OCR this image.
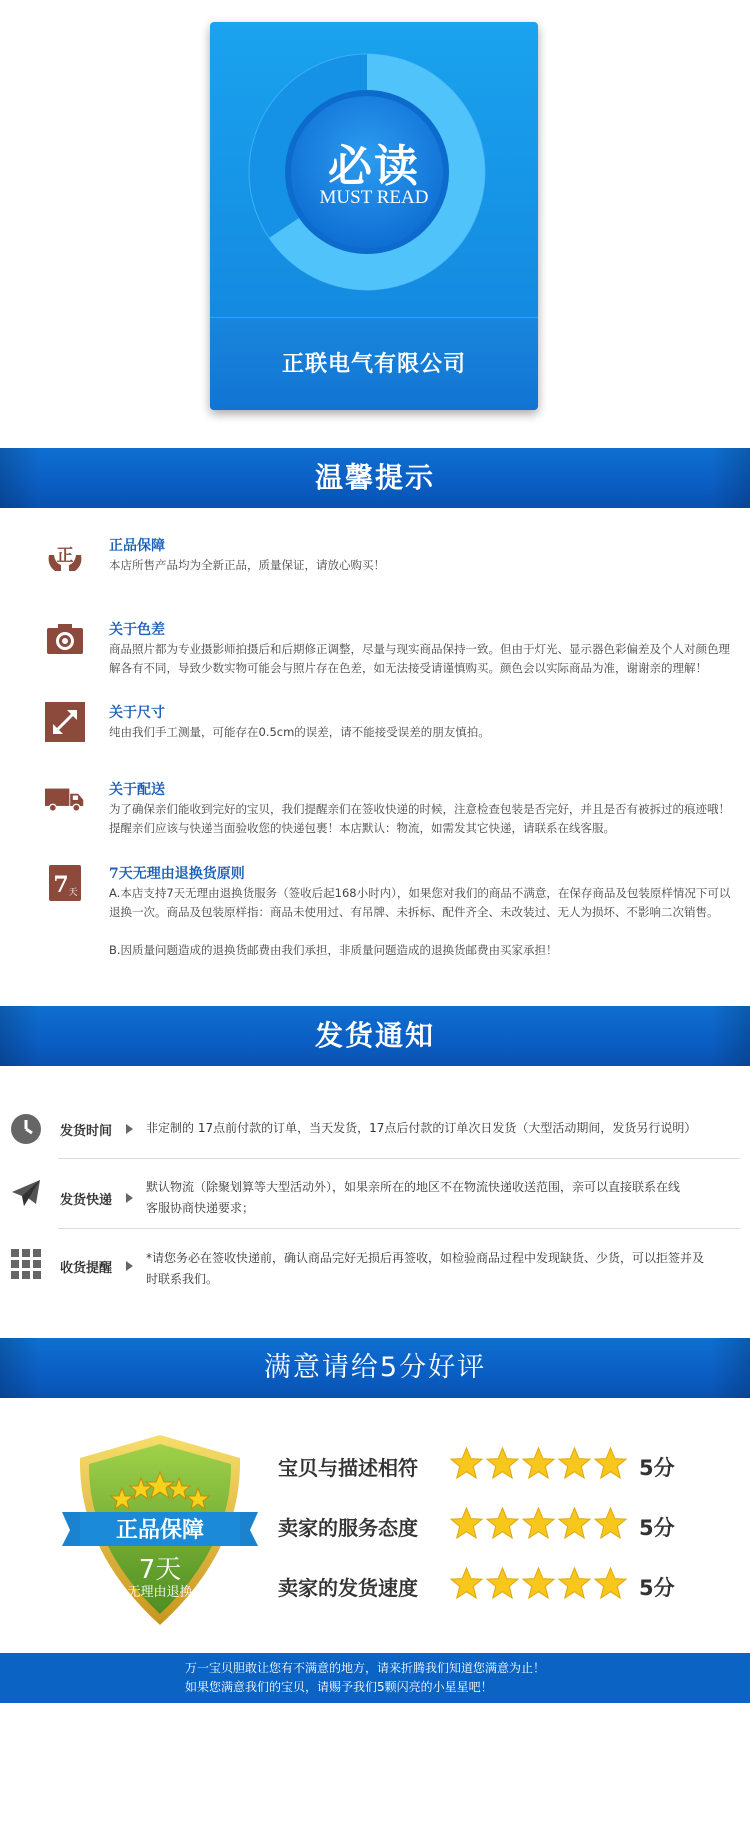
必读
MUST READ
正联电气有限公司
温馨提示
正	正品保障

本店所售产品均为全新正品，质量保证，请放心购买！

关于色差

商品照片都为专业摄影师拍摄后和后期修正调整，尽量与现实商品保持一致。但由于灯光、显示器色彩偏差及个人对颜色理解各有不同，导致少数实物可能会与照片存在色差，如无法接受请谨慎购买。颜色会以实际商品为准，谢谢亲的理解！

关于尺寸

纯由我们手工测量，可能存在0.5cm的误差，请不能接受误差的朋友慎拍。

关于配送

为了确保亲们能收到完好的宝贝，我们提醒亲们在签收快递的时候，注意检查包装是否完好，并且是否有被拆过的痕迹哦！提醒亲们应该与快递当面验收您的快递包裹！本店默认：物流，如需发其它快递，请联系在线客服。

7 天
7天无理由退换货原则

A.本店支持7天无理由退换货服务（签收后起168小时内），如果您对我们的商品不满意，在保存商品及包装原样情况下可以退换一次。商品及包装原样指：商品未使用过、有吊牌、未拆标、配件齐全、未改装过、无人为损坏、不影响二次销售。

B.因质量问题造成的退换货邮费由我们承担，非质量问题造成的退换货邮费由买家承担！

发货通知
发货时间	非定制的 17点前付款的订单，当天发货，17点后付款的订单次日发货（大型活动期间，发货另行说明）
发货快递
默认物流（除聚划算等大型活动外），如果亲所在的地区不在物流快递收送范围，亲可以直接联系在线客服协商快递要求；
收货提醒
*请您务必在签收快递前，确认商品完好无损后再签收，如检验商品过程中发现缺货、少货，可以拒签并及时联系我们。
满意请给5分好评
正品保障
7天
无理由退换
宝贝与描述相符	5分
卖家的服务态度	5分
卖家的发货速度	5分
万一宝贝胆敢让您有不满意的地方，请来折腾我们知道您满意为止！
如果您满意我们的宝贝，请赐予我们5颗闪亮的小星星吧！
